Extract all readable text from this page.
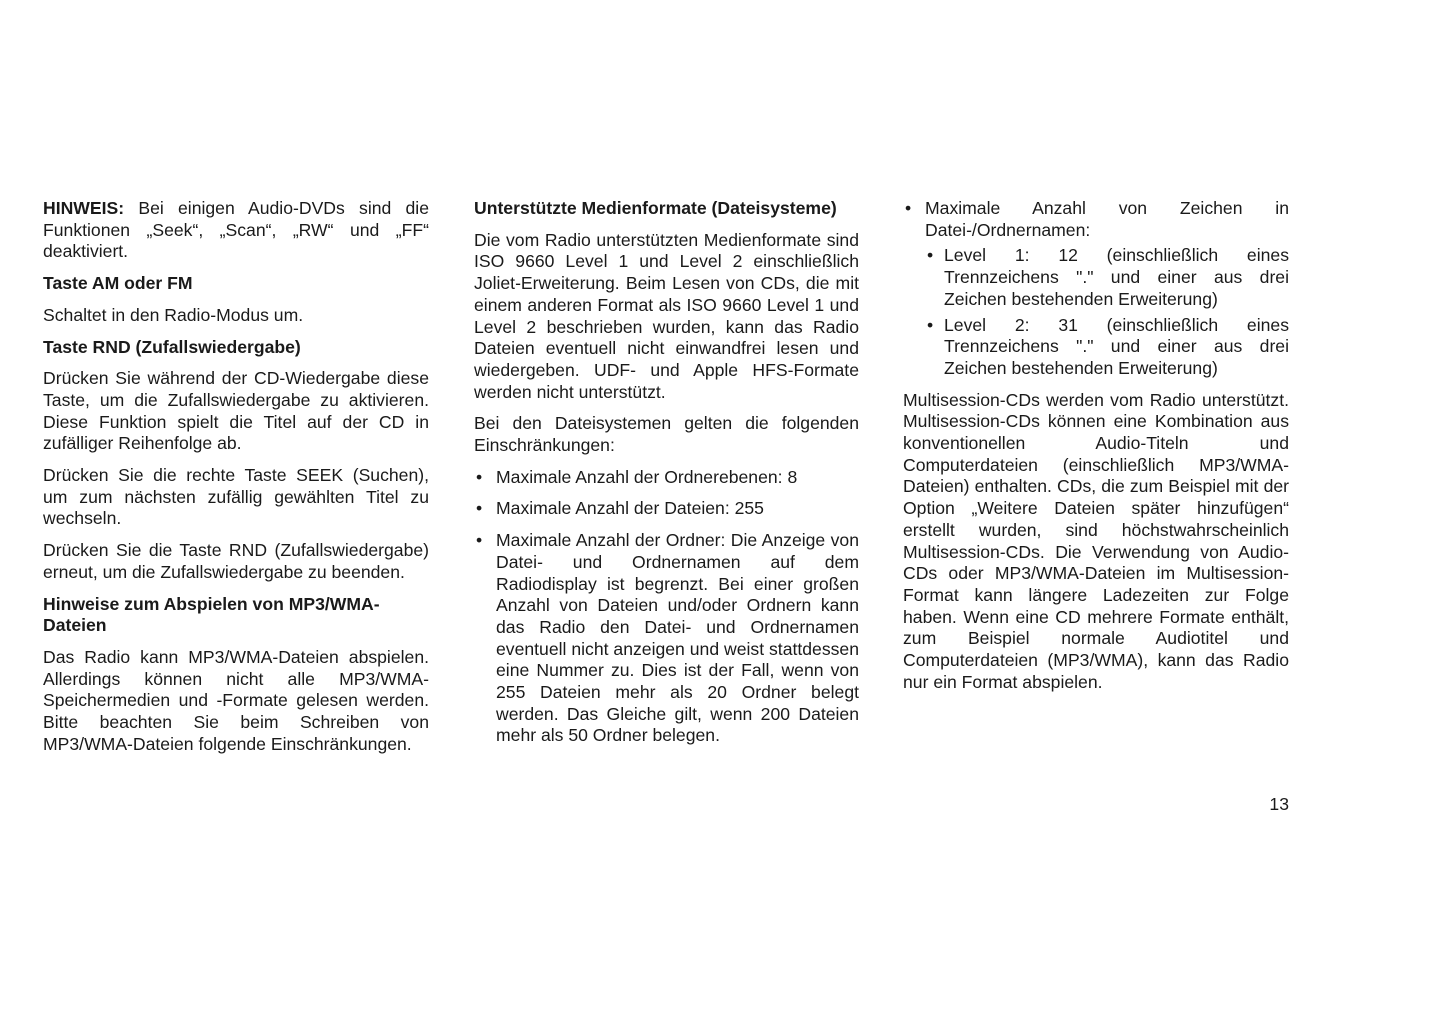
HINWEIS: Bei einigen Audio-DVDs sind die Funktionen „Seek“, „Scan“, „RW“ und „FF“ deaktiviert.

Taste AM oder FM

Schaltet in den Radio-Modus um.

Taste RND (Zufallswiedergabe)

Drücken Sie während der CD-Wiedergabe diese Taste, um die Zufallswiedergabe zu aktivieren. Diese Funktion spielt die Titel auf der CD in zufälliger Reihenfolge ab.

Drücken Sie die rechte Taste SEEK (Suchen), um zum nächsten zufällig gewählten Titel zu wechseln.

Drücken Sie die Taste RND (Zufallswiedergabe) erneut, um die Zufallswiedergabe zu beenden.

Hinweise zum Abspielen von MP3/WMA-Dateien

Das Radio kann MP3/WMA-Dateien abspielen. Allerdings können nicht alle MP3/WMA-Speichermedien und -Formate gelesen werden. Bitte beachten Sie beim Schreiben von MP3/WMA-Dateien folgende Einschränkungen.

Unterstützte Medienformate (Dateisysteme)

Die vom Radio unterstützten Medienformate sind ISO 9660 Level 1 und Level 2 einschließlich Joliet-Erweiterung. Beim Lesen von CDs, die mit einem anderen Format als ISO 9660 Level 1 und Level 2 beschrieben wurden, kann das Radio Dateien eventuell nicht einwandfrei lesen und wiedergeben. UDF- und Apple HFS-Formate werden nicht unterstützt.

Bei den Dateisystemen gelten die folgenden Einschränkungen:

• Maximale Anzahl der Ordnerebenen: 8
• Maximale Anzahl der Dateien: 255
• Maximale Anzahl der Ordner: Die Anzeige von Datei- und Ordnernamen auf dem Radiodisplay ist begrenzt. Bei einer großen Anzahl von Dateien und/oder Ordnern kann das Radio den Datei- und Ordnernamen eventuell nicht anzeigen und weist stattdessen eine Nummer zu. Dies ist der Fall, wenn von 255 Dateien mehr als 20 Ordner belegt werden. Das Gleiche gilt, wenn 200 Dateien mehr als 50 Ordner belegen.
• Maximale Anzahl von Zeichen in Datei-/Ordnernamen:
• Level 1: 12 (einschließlich eines Trennzeichens "." und einer aus drei Zeichen bestehenden Erweiterung)
• Level 2: 31 (einschließlich eines Trennzeichens "." und einer aus drei Zeichen bestehenden Erweiterung)

Multisession-CDs werden vom Radio unterstützt. Multisession-CDs können eine Kombination aus konventionellen Audio-Titeln und Computerdateien (einschließlich MP3/WMA-Dateien) enthalten. CDs, die zum Beispiel mit der Option „Weitere Dateien später hinzufügen“ erstellt wurden, sind höchstwahrscheinlich Multisession-CDs. Die Verwendung von Audio-CDs oder MP3/WMA-Dateien im Multisession-Format kann längere Ladezeiten zur Folge haben. Wenn eine CD mehrere Formate enthält, zum Beispiel normale Audiotitel und Computerdateien (MP3/WMA), kann das Radio nur ein Format abspielen.

13
